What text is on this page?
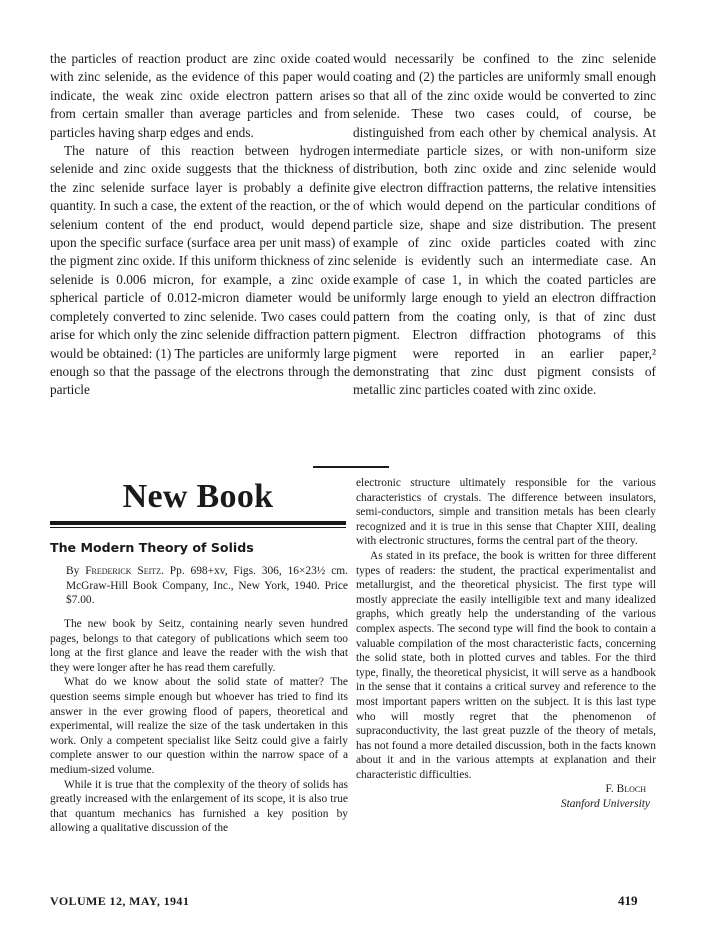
the particles of reaction product are zinc oxide coated with zinc selenide, as the evidence of this paper would indicate, the weak zinc oxide electron pattern arises from certain smaller than average particles and from particles having sharp edges and ends.

The nature of this reaction between hydrogen selenide and zinc oxide suggests that the thickness of the zinc selenide surface layer is probably a definite quantity. In such a case, the extent of the reaction, or the selenium content of the end product, would depend upon the specific surface (surface area per unit mass) of the pigment zinc oxide. If this uniform thickness of zinc selenide is 0.006 micron, for example, a zinc oxide spherical particle of 0.012-micron diameter would be completely converted to zinc selenide. Two cases could arise for which only the zinc selenide diffraction pattern would be obtained: (1) The particles are uniformly large enough so that the passage of the electrons through the particle

would necessarily be confined to the zinc selenide coating and (2) the particles are uniformly small enough so that all of the zinc oxide would be converted to zinc selenide. These two cases could, of course, be distinguished from each other by chemical analysis. At intermediate particle sizes, or with non-uniform size distribution, both zinc oxide and zinc selenide would give electron diffraction patterns, the relative intensities of which would depend on the particular conditions of particle size, shape and size distribution. The present example of zinc oxide particles coated with zinc selenide is evidently such an intermediate case. An example of case 1, in which the coated particles are uniformly large enough to yield an electron diffraction pattern from the coating only, is that of zinc dust pigment. Electron diffraction photograms of this pigment were reported in an earlier paper,² demonstrating that zinc dust pigment consists of metallic zinc particles coated with zinc oxide.

New Book
The Modern Theory of Solids
By Frederick Seitz. Pp. 698+xv, Figs. 306, 16×23½ cm. McGraw-Hill Book Company, Inc., New York, 1940. Price $7.00.

The new book by Seitz, containing nearly seven hundred pages, belongs to that category of publications which seem too long at the first glance and leave the reader with the wish that they were longer after he has read them carefully.

What do we know about the solid state of matter? The question seems simple enough but whoever has tried to find its answer in the ever growing flood of papers, theoretical and experimental, will realize the size of the task undertaken in this work. Only a competent specialist like Seitz could give a fairly complete answer to our question within the narrow space of a medium-sized volume.

While it is true that the complexity of the theory of solids has greatly increased with the enlargement of its scope, it is also true that quantum mechanics has furnished a key position by allowing a qualitative discussion of the

electronic structure ultimately responsible for the various characteristics of crystals. The difference between insulators, semi-conductors, simple and transition metals has been clearly recognized and it is true in this sense that Chapter XIII, dealing with electronic structures, forms the central part of the theory.

As stated in its preface, the book is written for three different types of readers: the student, the practical experimentalist and metallurgist, and the theoretical physicist. The first type will mostly appreciate the easily intelligible text and many idealized graphs, which greatly help the understanding of the various complex aspects. The second type will find the book to contain a valuable compilation of the most characteristic facts, concerning the solid state, both in plotted curves and tables. For the third type, finally, the theoretical physicist, it will serve as a handbook in the sense that it contains a critical survey and reference to the most important papers written on the subject. It is this last type who will mostly regret that the phenomenon of supraconductivity, the last great puzzle of the theory of metals, has not found a more detailed discussion, both in the facts known about it and in the various attempts at explanation and their characteristic difficulties.

F. Bloch

Stanford University

VOLUME 12, MAY, 1941	419
